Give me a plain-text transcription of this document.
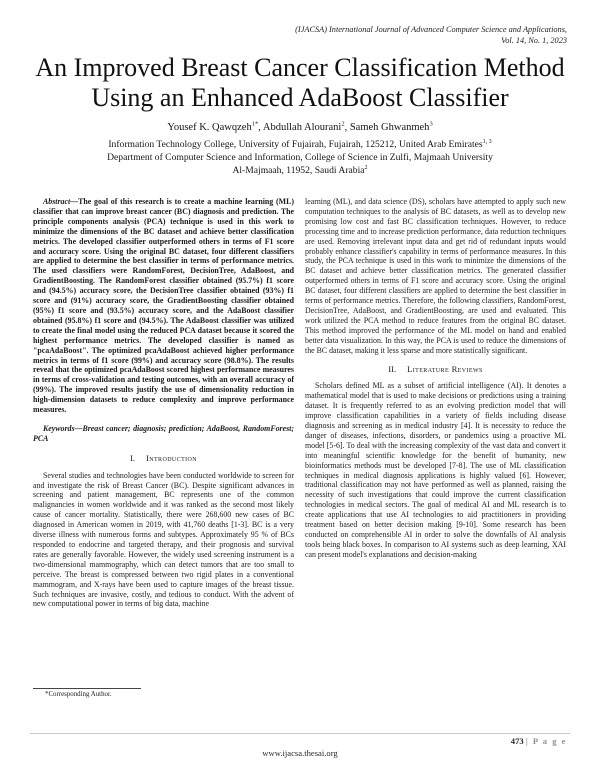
(IJACSA) International Journal of Advanced Computer Science and Applications,
Vol. 14, No. 1, 2023
An Improved Breast Cancer Classification Method
Using an Enhanced AdaBoost Classifier
Yousef K. Qawqzeh$^{1*}$, Abdullah Alourani$^2$, Sameh Ghwanmeh$^3$
Information Technology College, University of Fujairah, Fujairah, 125212, United Arab Emirates$^{1, 3}$
Department of Computer Science and Information, College of Science in Zulfi, Majmaah University
Al-Majmaah, 11952, Saudi Arabia$^2$

Abstract—The goal of this research is to create a machine learning (ML) classifier that can improve breast cancer (BC) diagnosis and prediction. The principle components analysis (PCA) technique is used in this work to minimize the dimensions of the BC dataset and achieve better classification metrics. The developed classifier outperformed others in terms of F1 score and accuracy score. Using the original BC dataset, four different classifiers are applied to determine the best classifier in terms of performance metrics. The used classifiers were RandomForest, DecisionTree, AdaBoost, and GradientBoosting. The RandomForest classifier obtained (95.7%) f1 score and (94.5%) accuracy score, the DecisionTree classifier obtained (93%) f1 score and (91%) accuracy score, the GradientBoosting classifier obtained (95%) f1 score and (93.5%) accuracy score, and the AdaBoost classifier obtained (95.8%) f1 score and (94.5%). The AdaBoost classifier was utilized to create the final model using the reduced PCA dataset because it scored the highest performance metrics. The developed classifier is named as "pcaAdaBoost". The optimized pcaAdaBoost achieved higher performance metrics in terms of f1 score (99%) and accuracy score (98.8%). The results reveal that the optimized pcaAdaBoost scored highest performance measures in terms of cross-validation and testing outcomes, with an overall accuracy of (99%). The improved results justify the use of dimensionality reduction in high-dimension datasets to reduce complexity and improve performance measures.

Keywords—Breast cancer; diagnosis; prediction; AdaBoost, RandomForest; PCA

I. Introduction

Several studies and technologies have been conducted worldwide to screen for and investigate the risk of Breast Cancer (BC). Despite significant advances in screening and patient management, BC represents one of the common malignancies in women worldwide and it was ranked as the second most likely cause of cancer mortality. Statistically, there were 268,600 new cases of BC diagnosed in American women in 2019, with 41,760 deaths [1-3]. BC is a very diverse illness with numerous forms and subtypes. Approximately 95 % of BCs responded to endocrine and targeted therapy, and their prognosis and survival rates are generally favorable. However, the widely used screening instrument is a two-dimensional mammography, which can detect tumors that are too small to perceive. The breast is compressed between two rigid plates in a conventional mammogram, and X-rays have been used to capture images of the breast tissue. Such techniques are invasive, costly, and tedious to conduct. With the advent of new computational power in terms of big data, machine

*Corresponding Author.

learning (ML), and data science (DS), scholars have attempted to apply such new computation techniques to the analysis of BC datasets, as well as to develop new promising low cost and fast BC classification techniques. However, to reduce processing time and to increase prediction performance, data reduction techniques are used. Removing irrelevant input data and get rid of redundant inputs would probably enhance classifier's capability in terms of performance measures. In this study, the PCA technique is used in this work to minimize the dimensions of the BC dataset and achieve better classification metrics. The generated classifier outperformed others in terms of F1 score and accuracy score. Using the original BC dataset, four different classifiers are applied to determine the best classifier in terms of performance metrics. Therefore, the following classifiers, RandomForest, DecisionTree, AdaBoost, and GradientBoosting, are used and evaluated. This work utilized the PCA method to reduce features from the original BC dataset. This method improved the performance of the ML model on hand and enabled better data visualization. In this way, the PCA is used to reduce the dimensions of the BC dataset, making it less sparse and more statistically significant.

II. Literature Reviews

Scholars defined ML as a subset of artificial intelligence (AI). It denotes a mathematical model that is used to make decisions or predictions using a training dataset. It is frequently referred to as an evolving prediction model that will improve classification capabilities in a variety of fields including disease diagnosis and screening as in medical industry [4]. It is necessity to reduce the danger of diseases, infections, disorders, or pandemics using a proactive ML model [5-6]. To deal with the increasing complexity of the vast data and convert it into meaningful scientific knowledge for the benefit of humanity, new bioinformatics methods must be developed [7-8]. The use of ML classification techniques in medical diagnosis applications is highly valued [6]. However, traditional classification may not have performed as well as planned, raising the necessity of such investigations that could improve the current classification technologies in medical sectors. The goal of medical AI and ML research is to create applications that use AI technologies to aid practitioners in providing treatment based on better decision making [9-10]. Some research has been conducted on comprehensible AI in order to solve the downfalls of AI analysis tools being black boxes. In comparison to AI systems such as deep learning, XAI can present model's explanations and decision-making

473 | P a g e
www.ijacsa.thesai.org
